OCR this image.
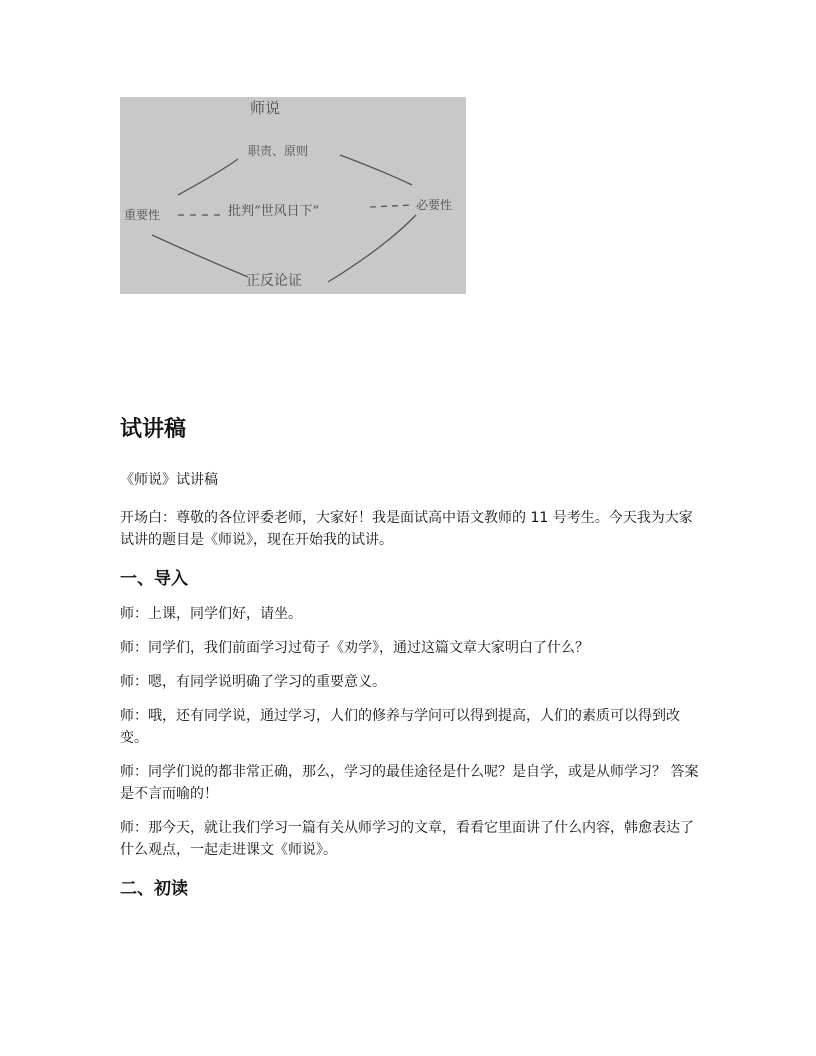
师说
职责、原则
重要性	批判“世风日下”	必要性
正反论证
试讲稿

《师说》试讲稿

开场白：尊敬的各位评委老师，大家好！我是面试高中语文教师的 11 号考生。今天我为大家试讲的题目是《师说》，现在开始我的试讲。

一、导入

师：上课，同学们好，请坐。

师：同学们，我们前面学习过荀子《劝学》，通过这篇文章大家明白了什么？

师：嗯，有同学说明确了学习的重要意义。

师：哦，还有同学说，通过学习，人们的修养与学问可以得到提高，人们的素质可以得到改变。

师：同学们说的都非常正确，那么，学习的最佳途径是什么呢？是自学，或是从师学习？ 答案是不言而喻的！

师：那今天，就让我们学习一篇有关从师学习的文章，看看它里面讲了什么内容，韩愈表达了什么观点，一起走进课文《师说》。

二、初读
